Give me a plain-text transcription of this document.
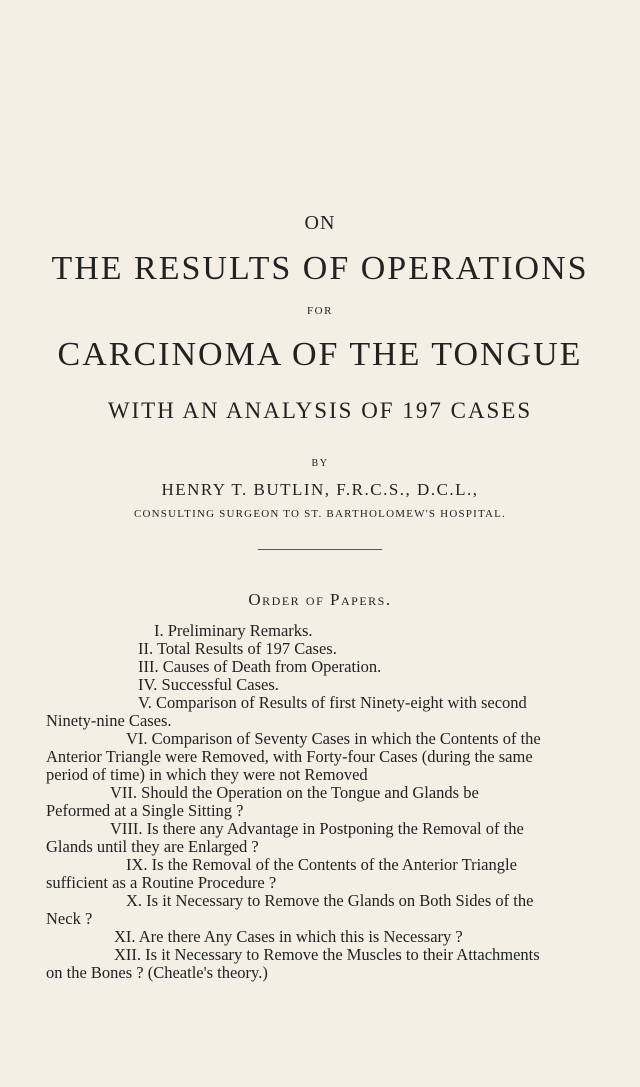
ON
THE RESULTS OF OPERATIONS
FOR
CARCINOMA OF THE TONGUE
WITH AN ANALYSIS OF 197 CASES
BY
HENRY T. BUTLIN, F.R.C.S., D.C.L.,
CONSULTING SURGEON TO ST. BARTHOLOMEW'S HOSPITAL.
Order of Papers.

I. Preliminary Remarks.

II. Total Results of 197 Cases.

III. Causes of Death from Operation.

IV. Successful Cases.

V. Comparison of Results of first Ninety-eight with second Ninety-nine Cases.

VI. Comparison of Seventy Cases in which the Contents of the Anterior Triangle were Removed, with Forty-four Cases (during the same period of time) in which they were not Removed

VII. Should the Operation on the Tongue and Glands be Peformed at a Single Sitting ?

VIII. Is there any Advantage in Postponing the Removal of the Glands until they are Enlarged ?

IX. Is the Removal of the Contents of the Anterior Triangle sufficient as a Routine Procedure ?

X. Is it Necessary to Remove the Glands on Both Sides of the Neck ?

XI. Are there Any Cases in which this is Necessary ?

XII. Is it Necessary to Remove the Muscles to their Attachments on the Bones ? (Cheatle's theory.)
